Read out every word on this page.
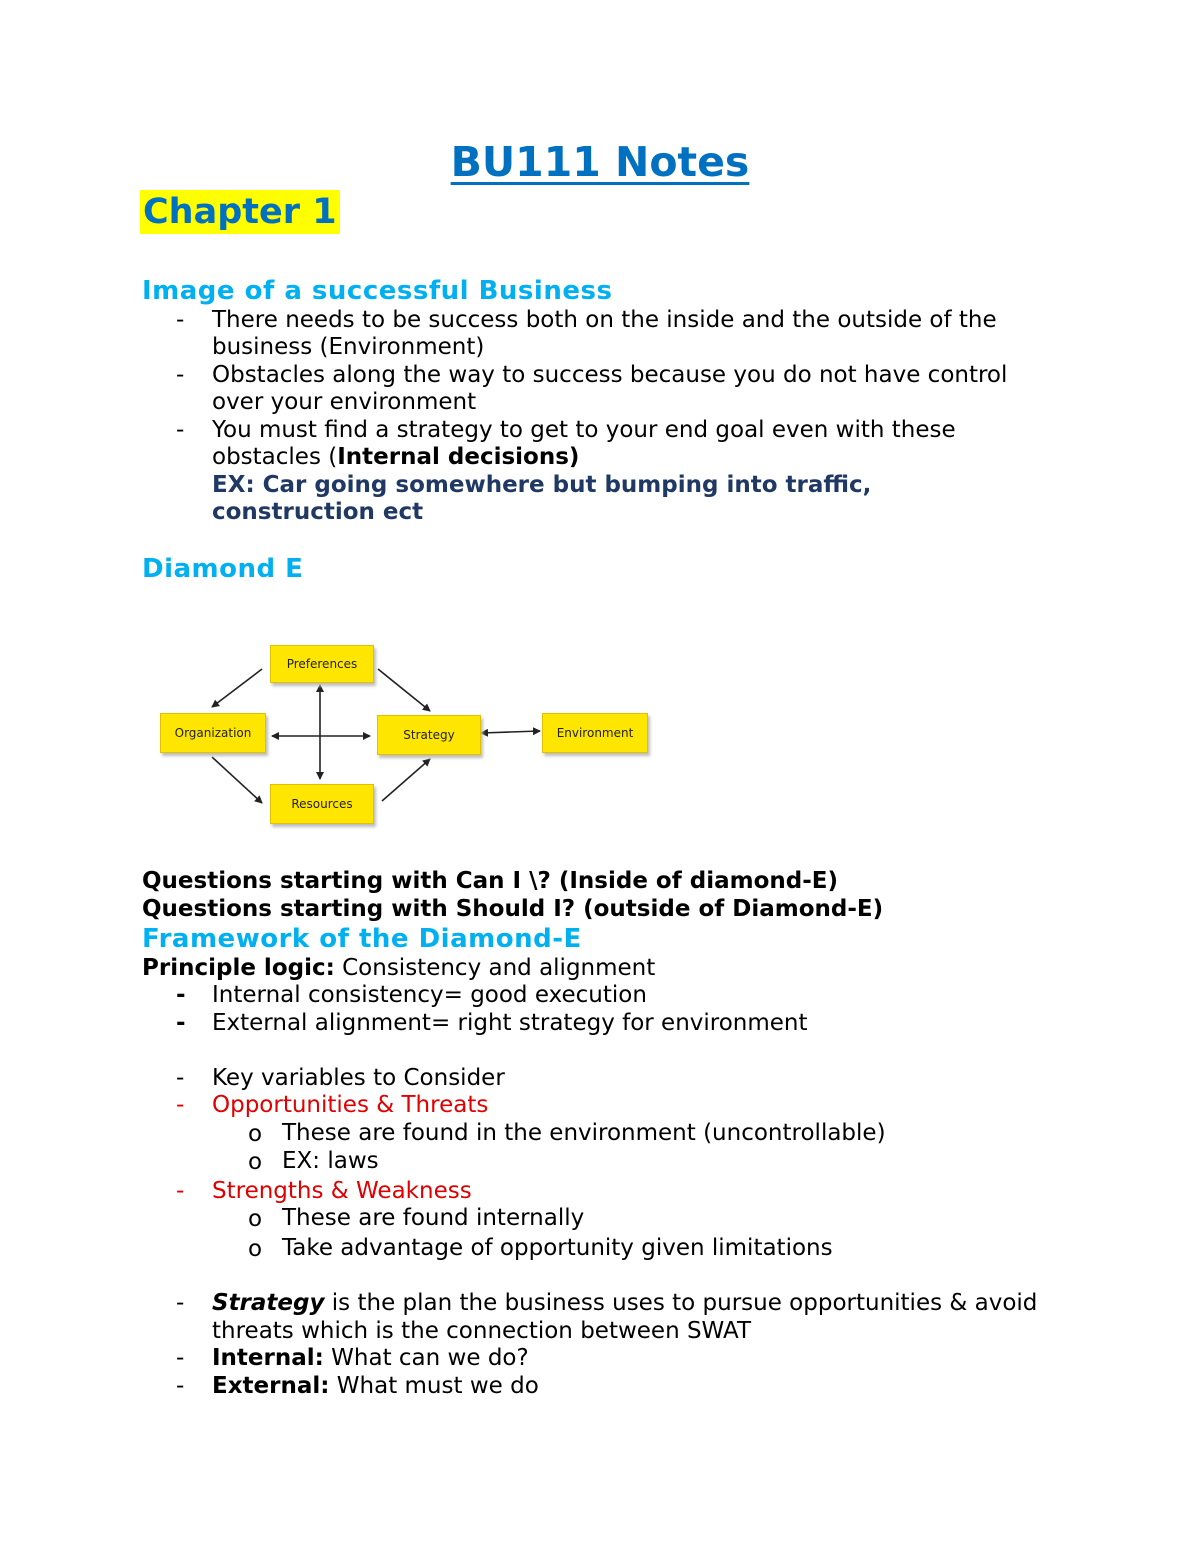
BU111 Notes
Chapter 1
Image of a successful Business
- There needs to be success both on the inside and the outside of the
business (Environment)
- Obstacles along the way to success because you do not have control
over your environment
- You must find a strategy to get to your end goal even with these
obstacles (Internal decisions)
EX: Car going somewhere but bumping into traffic,
construction ect
Diamond E
Preferences
Organization	Strategy	Environment
Resources
Questions starting with Can I \? (Inside of diamond-E)
Questions starting with Should I? (outside of Diamond-E)
Framework of the Diamond-E
Principle logic: Consistency and alignment
- Internal consistency= good execution
- External alignment= right strategy for environment
- Key variables to Consider
- Opportunities & Threats
o These are found in the environment (uncontrollable)
o EX: laws
- Strengths & Weakness
o These are found internally
o Take advantage of opportunity given limitations
- Strategy is the plan the business uses to pursue opportunities & avoid
threats which is the connection between SWAT
- Internal: What can we do?
- External: What must we do
